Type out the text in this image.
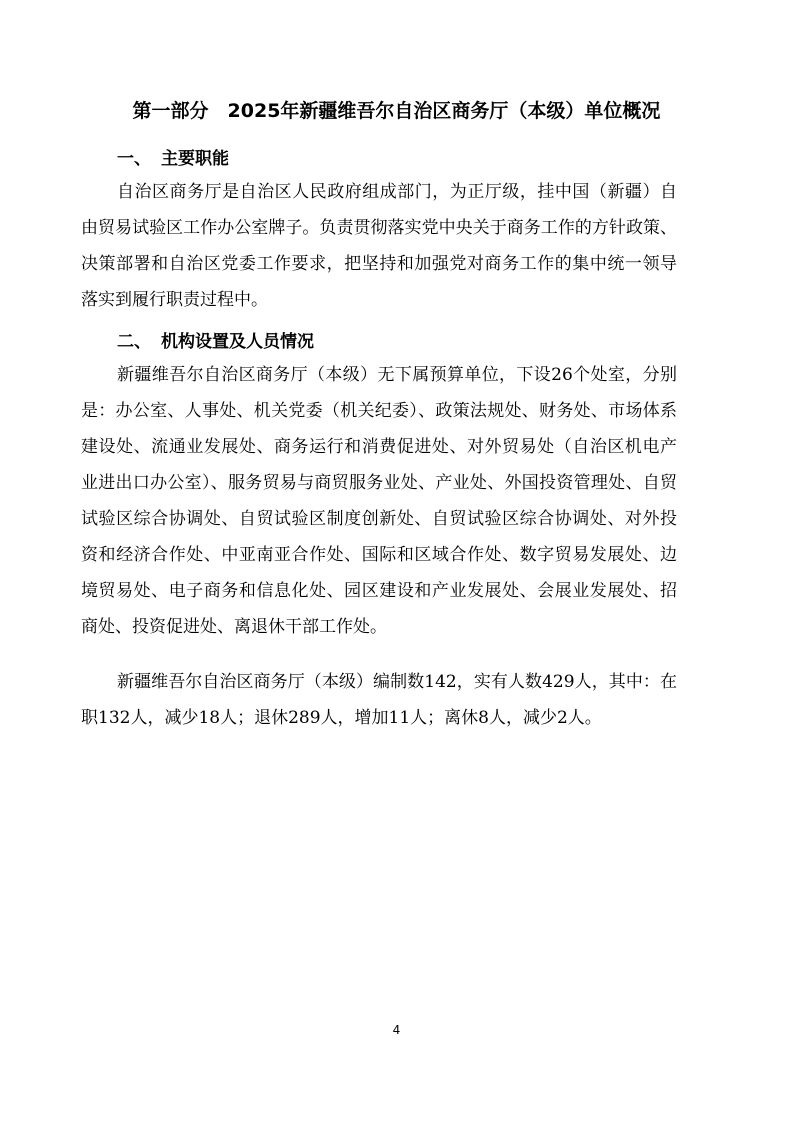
第一部分　2025年新疆维吾尔自治区商务厅（本级）单位概况
一、 主要职能
自治区商务厅是自治区人民政府组成部门，为正厅级，挂中国（新疆）自
由贸易试验区工作办公室牌子。负责贯彻落实党中央关于商务工作的方针政策、
决策部署和自治区党委工作要求，把坚持和加强党对商务工作的集中统一领导
落实到履行职责过程中。
二、 机构设置及人员情况
新疆维吾尔自治区商务厅（本级）无下属预算单位，下设26个处室，分别
是：办公室、人事处、机关党委（机关纪委）、政策法规处、财务处、市场体系
建设处、流通业发展处、商务运行和消费促进处、对外贸易处（自治区机电产
业进出口办公室）、服务贸易与商贸服务业处、产业处、外国投资管理处、自贸
试验区综合协调处、自贸试验区制度创新处、自贸试验区综合协调处、对外投
资和经济合作处、中亚南亚合作处、国际和区域合作处、数字贸易发展处、边
境贸易处、电子商务和信息化处、园区建设和产业发展处、会展业发展处、招
商处、投资促进处、离退休干部工作处。
新疆维吾尔自治区商务厅（本级）编制数142，实有人数429人，其中：在
职132人，减少18人；退休289人，增加11人；离休8人，减少2人。
4
